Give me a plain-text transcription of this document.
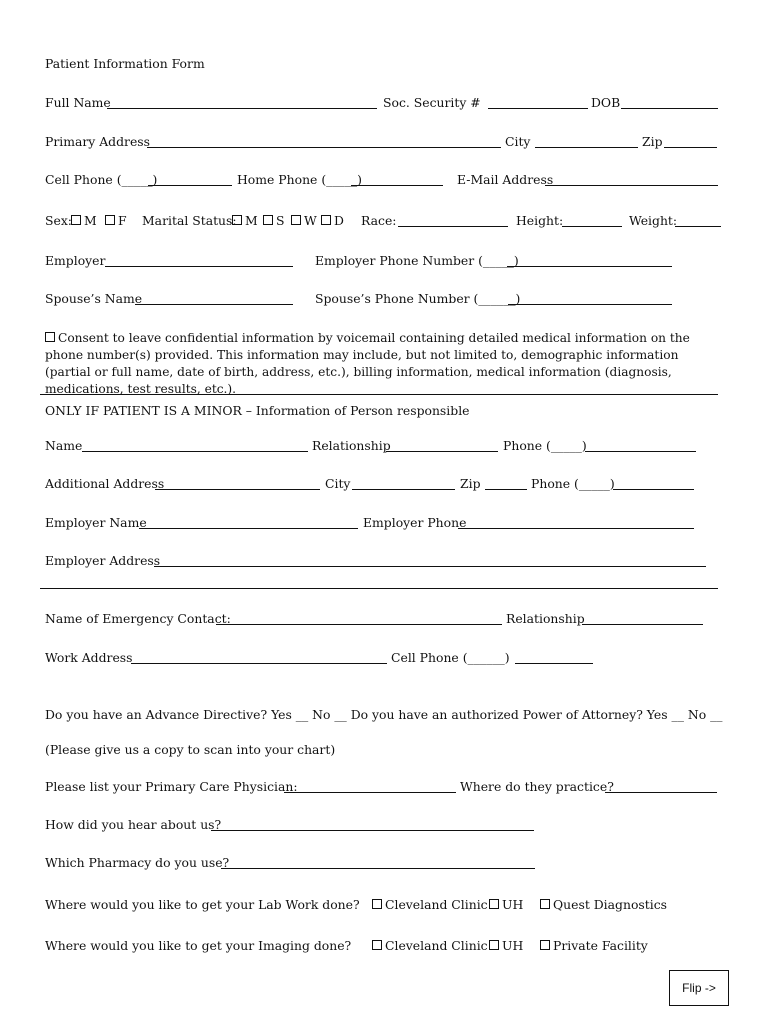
Patient Information Form
Full Name	Soc. Security #	DOB
Primary Address	City	Zip
Cell Phone (_____)	Home Phone (_____)	E-Mail Address
Sex: M	F Marital Status: M	S	W	D Race:	Height:	Weight:
Employer	Employer Phone Number (_____)
Spouse’s Name	Spouse’s Phone Number (______)
Consent to leave confidential information by voicemail containing detailed medical information on the phone number(s) provided. This information may include, but not limited to, demographic information (partial or full name, date of birth, address, etc.), billing information, medical information (diagnosis, medications, test results, etc.).
ONLY IF PATIENT IS A MINOR – Information of Person responsible
Name	Relationship	Phone (_____)
Additional Address	City	Zip	Phone (_____)
Employer Name	Employer Phone
Employer Address
Name of Emergency Contact:	Relationship
Work Address	Cell Phone (______)
Do you have an Advance Directive? Yes __ No __ Do you have an authorized Power of Attorney? Yes __ No __
(Please give us a copy to scan into your chart)
Please list your Primary Care Physician:	Where do they practice?
How did you hear about us?
Which Pharmacy do you use?
Where would you like to get your Lab Work done?	Cleveland Clinic	UH	Quest Diagnostics
Where would you like to get your Imaging done?	Cleveland Clinic	UH	Private Facility
Flip ->
